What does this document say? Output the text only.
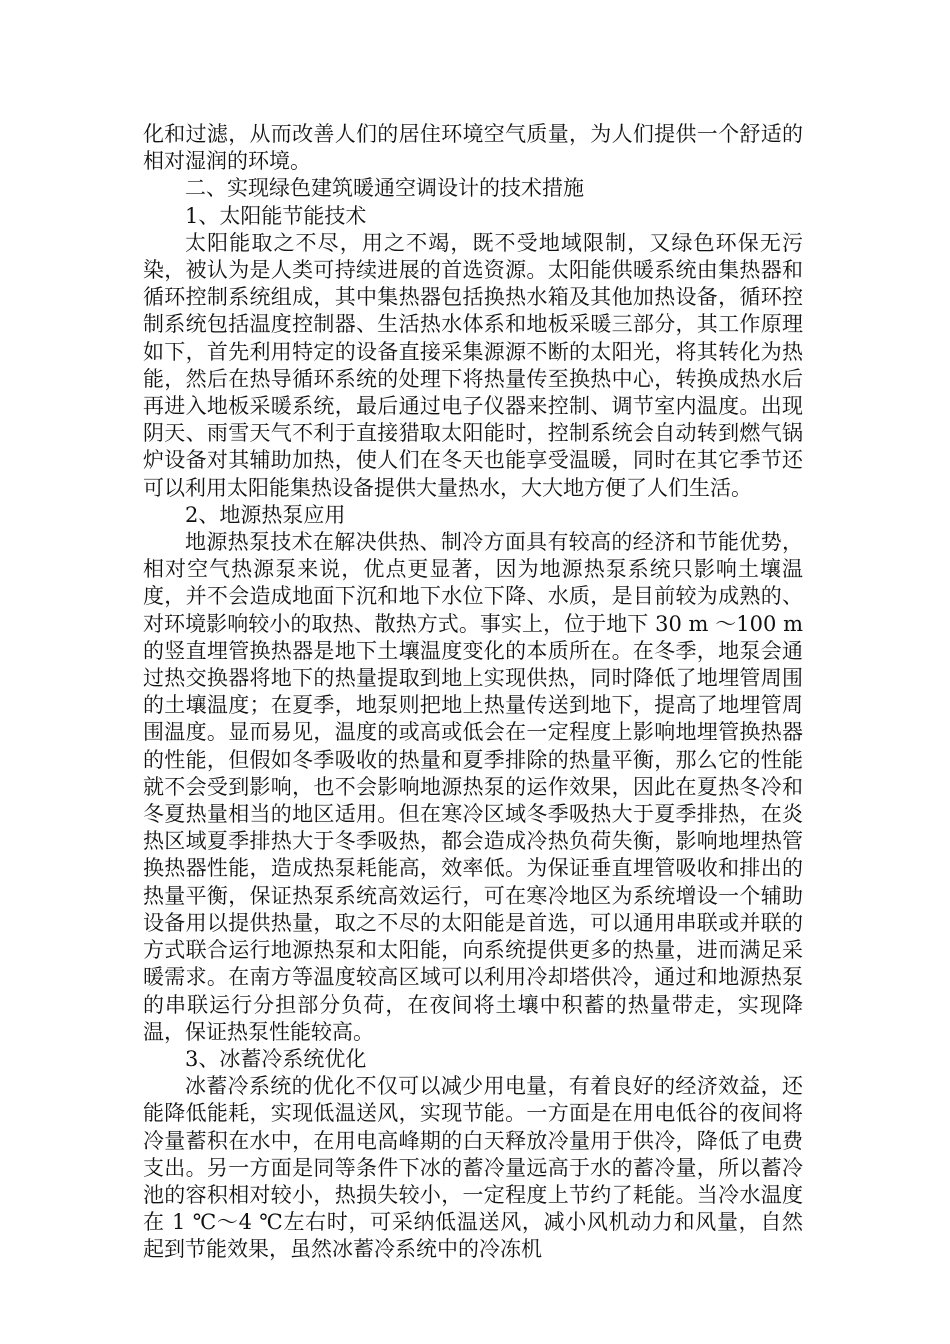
化和过滤，从而改善人们的居住环境空气质量，为人们提供一个舒适的相对湿润的环境。

二、实现绿色建筑暖通空调设计的技术措施

1、太阳能节能技术

太阳能取之不尽，用之不竭，既不受地域限制，又绿色环保无污染，被认为是人类可持续进展的首选资源。太阳能供暖系统由集热器和循环控制系统组成，其中集热器包括换热水箱及其他加热设备，循环控制系统包括温度控制器、生活热水体系和地板采暖三部分，其工作原理如下，首先利用特定的设备直接采集源源不断的太阳光，将其转化为热能，然后在热导循环系统的处理下将热量传至换热中心，转换成热水后再进入地板采暖系统，最后通过电子仪器来控制、调节室内温度。出现阴天、雨雪天气不利于直接猎取太阳能时，控制系统会自动转到燃气锅炉设备对其辅助加热，使人们在冬天也能享受温暖，同时在其它季节还可以利用太阳能集热设备提供大量热水，大大地方便了人们生活。

2、地源热泵应用

地源热泵技术在解决供热、制冷方面具有较高的经济和节能优势，相对空气热源泵来说，优点更显著，因为地源热泵系统只影响土壤温度，并不会造成地面下沉和地下水位下降、水质，是目前较为成熟的、对环境影响较小的取热、散热方式。事实上，位于地下 30 m ～100 m 的竖直埋管换热器是地下土壤温度变化的本质所在。在冬季，地泵会通过热交换器将地下的热量提取到地上实现供热，同时降低了地埋管周围的土壤温度；在夏季，地泵则把地上热量传送到地下，提高了地埋管周围温度。显而易见，温度的或高或低会在一定程度上影响地埋管换热器的性能，但假如冬季吸收的热量和夏季排除的热量平衡，那么它的性能就不会受到影响，也不会影响地源热泵的运作效果，因此在夏热冬冷和冬夏热量相当的地区适用。但在寒冷区域冬季吸热大于夏季排热，在炎热区域夏季排热大于冬季吸热，都会造成冷热负荷失衡，影响地埋热管换热器性能，造成热泵耗能高，效率低。为保证垂直埋管吸收和排出的热量平衡，保证热泵系统高效运行，可在寒冷地区为系统增设一个辅助设备用以提供热量，取之不尽的太阳能是首选，可以通用串联或并联的方式联合运行地源热泵和太阳能，向系统提供更多的热量，进而满足采暖需求。在南方等温度较高区域可以利用冷却塔供冷，通过和地源热泵的串联运行分担部分负荷，在夜间将土壤中积蓄的热量带走，实现降温，保证热泵性能较高。

3、冰蓄冷系统优化

冰蓄冷系统的优化不仅可以减少用电量，有着良好的经济效益，还能降低能耗，实现低温送风，实现节能。一方面是在用电低谷的夜间将冷量蓄积在水中，在用电高峰期的白天释放冷量用于供冷，降低了电费支出。另一方面是同等条件下冰的蓄冷量远高于水的蓄冷量，所以蓄冷池的容积相对较小，热损失较小，一定程度上节约了耗能。当冷水温度在 1 ℃～4 ℃左右时，可采纳低温送风，减小风机动力和风量，自然起到节能效果，虽然冰蓄冷系统中的冷冻机
